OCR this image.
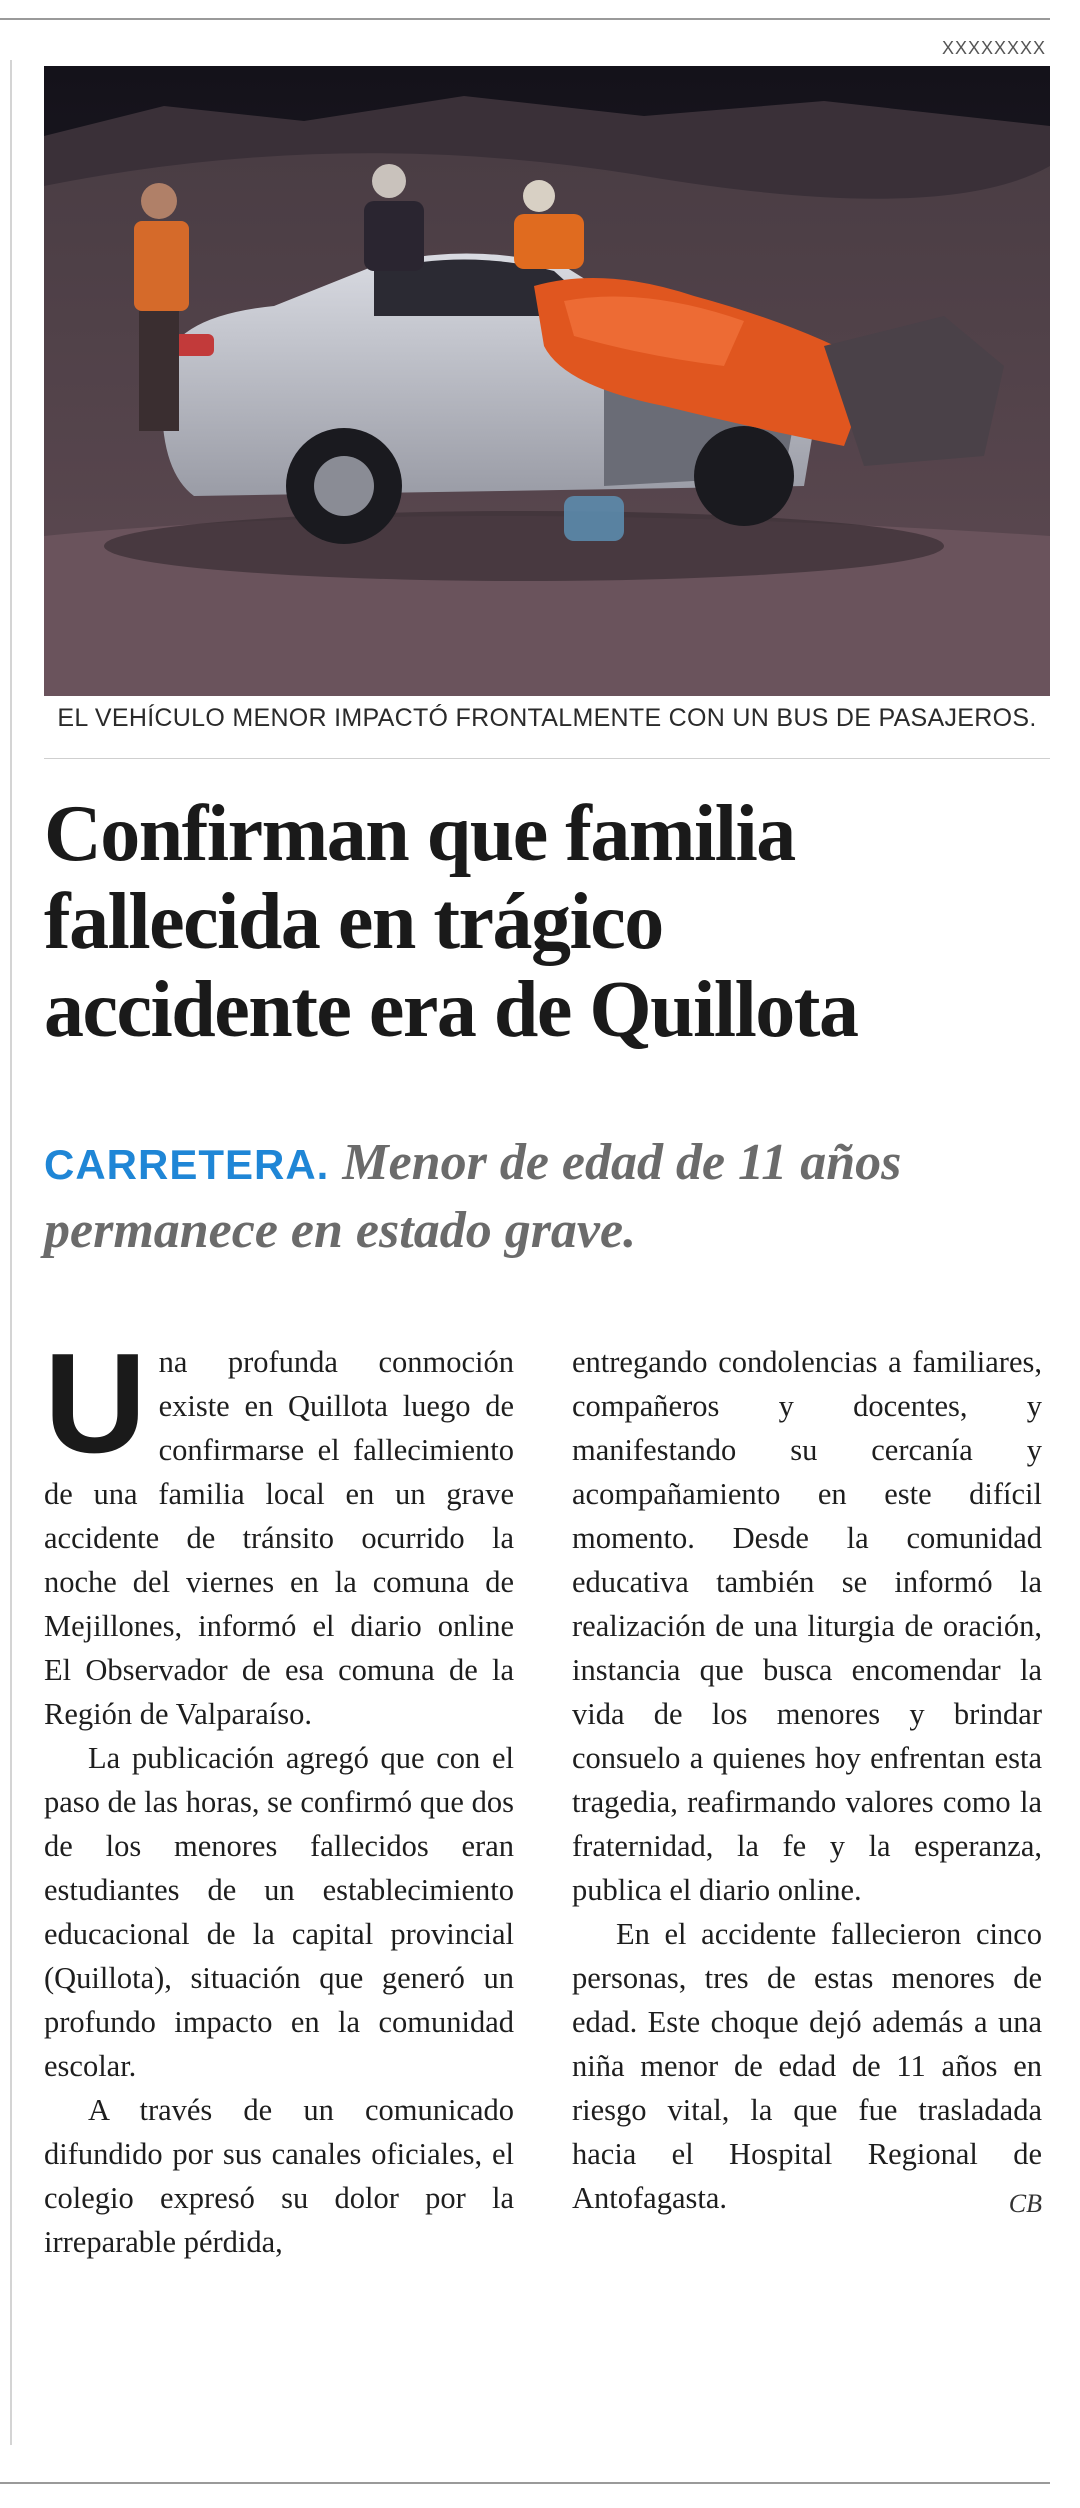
XXXXXXXX
EL VEHÍCULO MENOR IMPACTÓ FRONTALMENTE CON UN BUS DE PASAJEROS.
Confirman que familia
fallecida en trágico
accidente era de Quillota
CARRETERA. Menor de edad de 11 años permanece en estado grave.

Una profunda conmoción existe en Quillota luego de confirmarse el fallecimiento de una familia local en un grave accidente de tránsito ocurrido la noche del viernes en la comuna de Mejillones, informó el diario online El Observador de esa comuna de la Región de Valparaíso.

La publicación agregó que con el paso de las horas, se confirmó que dos de los menores fallecidos eran estudiantes de un establecimiento educacional de la capital provincial (Quillota), situación que generó un profundo impacto en la comunidad escolar.

A través de un comunicado difundido por sus canales oficiales, el colegio expresó su dolor por la irreparable pérdida,

entregando condolencias a familiares, compañeros y docentes, y manifestando su cercanía y acompañamiento en este difícil momento. Desde la comunidad educativa también se informó la realización de una liturgia de oración, instancia que busca encomendar la vida de los menores y brindar consuelo a quienes hoy enfrentan esta tragedia, reafirmando valores como la fraternidad, la fe y la esperanza, publica el diario online.

En el accidente fallecieron cinco personas, tres de estas menores de edad. Este choque dejó además a una niña menor de edad de 11 años en riesgo vital, la que fue trasladada hacia el Hospital Regional de Antofagasta.	CB
